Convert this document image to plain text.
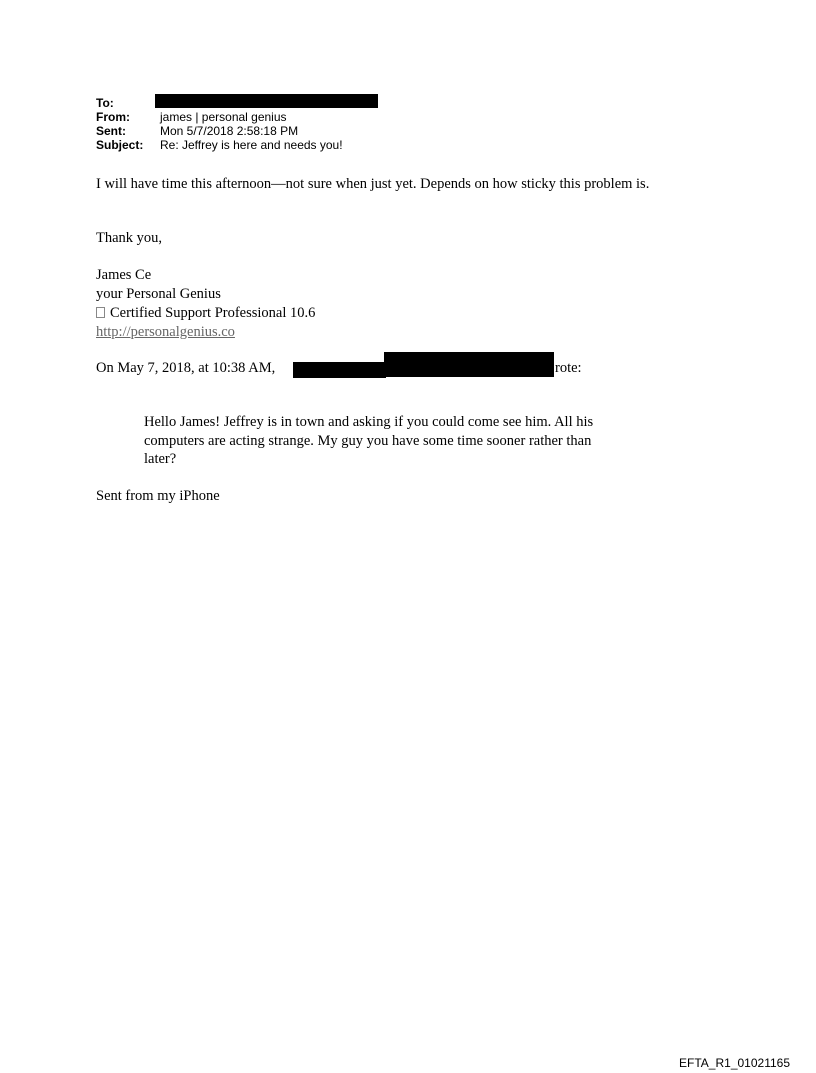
To:
From:	james | personal genius
Sent:	Mon 5/7/2018 2:58:18 PM
Subject:	Re: Jeffrey is here and needs you!
I will have time this afternoon—not sure when just yet. Depends on how sticky this problem is.
Thank you,
James Ce
your Personal Genius
Certified Support Professional 10.6
http://personalgenius.co
On May 7, 2018, at 10:38 AM,	rote:
Hello James! Jeffrey is in town and asking if you could come see him. All his
computers are acting strange. My guy you have some time sooner rather than
later?
Sent from my iPhone
EFTA_R1_01021165
